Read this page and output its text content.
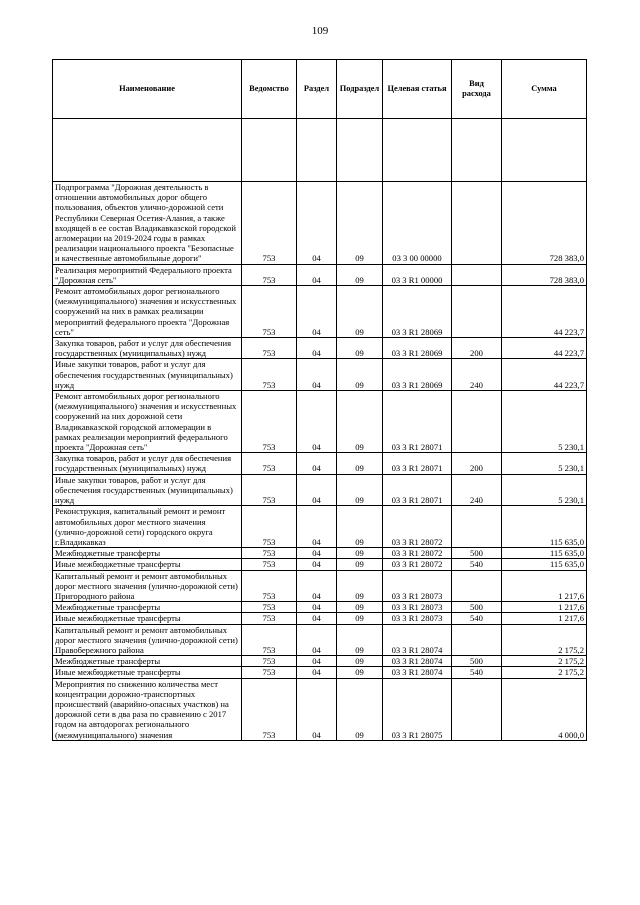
109
Наименование	Ведомство	Раздел	Подраздел	Целевая статья	Вид расхода	Сумма

Подпрограмма "Дорожная деятельность в отношении автомобильных дорог общего пользования, объектов улично-дорожной сети Республики Северная Осетия-Алания, а также входящей в ее состав Владикавказской городской агломерации на 2019-2024 годы в рамках реализации национального проекта "Безопасные и качественные автомобильные дороги"	753	04	09	03 3 00 00000		728 383,0
Реализация мероприятий Федерального проекта "Дорожная сеть"	753	04	09	03 3 R1 00000		728 383,0
Ремонт автомобильных дорог регионального (межмуниципального) значения и искусственных сооружений на них в рамках реализации мероприятий федерального проекта "Дорожная сеть"	753	04	09	03 3 R1 28069		44 223,7
Закупка товаров, работ и услуг для обеспечения государственных (муниципальных) нужд	753	04	09	03 3 R1 28069	200	44 223,7
Иные закупки товаров, работ и услуг для обеспечения государственных (муниципальных) нужд	753	04	09	03 3 R1 28069	240	44 223,7
Ремонт автомобильных дорог регионального (межмуниципального) значения и искусственных сооружений на них дорожной сети Владикавказской городской агломерации в рамках реализации мероприятий федерального проекта "Дорожная сеть"	753	04	09	03 3 R1 28071		5 230,1
Закупка товаров, работ и услуг для обеспечения государственных (муниципальных) нужд	753	04	09	03 3 R1 28071	200	5 230,1
Иные закупки товаров, работ и услуг для обеспечения государственных (муниципальных) нужд	753	04	09	03 3 R1 28071	240	5 230,1
Реконструкция, капитальный ремонт и ремонт автомобильных дорог местного значения (улично-дорожной сети) городского округа г.Владикавказ	753	04	09	03 3 R1 28072		115 635,0
Межбюджетные трансферты	753	04	09	03 3 R1 28072	500	115 635,0
Иные межбюджетные трансферты	753	04	09	03 3 R1 28072	540	115 635,0
Капитальный ремонт и ремонт автомобильных дорог местного значения (улично-дорожной сети) Пригородного района	753	04	09	03 3 R1 28073		1 217,6
Межбюджетные трансферты	753	04	09	03 3 R1 28073	500	1 217,6
Иные межбюджетные трансферты	753	04	09	03 3 R1 28073	540	1 217,6
Капитальный ремонт и ремонт автомобильных дорог местного значения (улично-дорожной сети) Правобережного района	753	04	09	03 3 R1 28074		2 175,2
Межбюджетные трансферты	753	04	09	03 3 R1 28074	500	2 175,2
Иные межбюджетные трансферты	753	04	09	03 3 R1 28074	540	2 175,2
Мероприятия по снижению количества мест концентрации дорожно-транспортных происшествий (аварийно-опасных участков) на дорожной сети в два раза по сравнению с 2017 годом на автодорогах регионального (межмуниципального) значения	753	04	09	03 3 R1 28075		4 000,0
